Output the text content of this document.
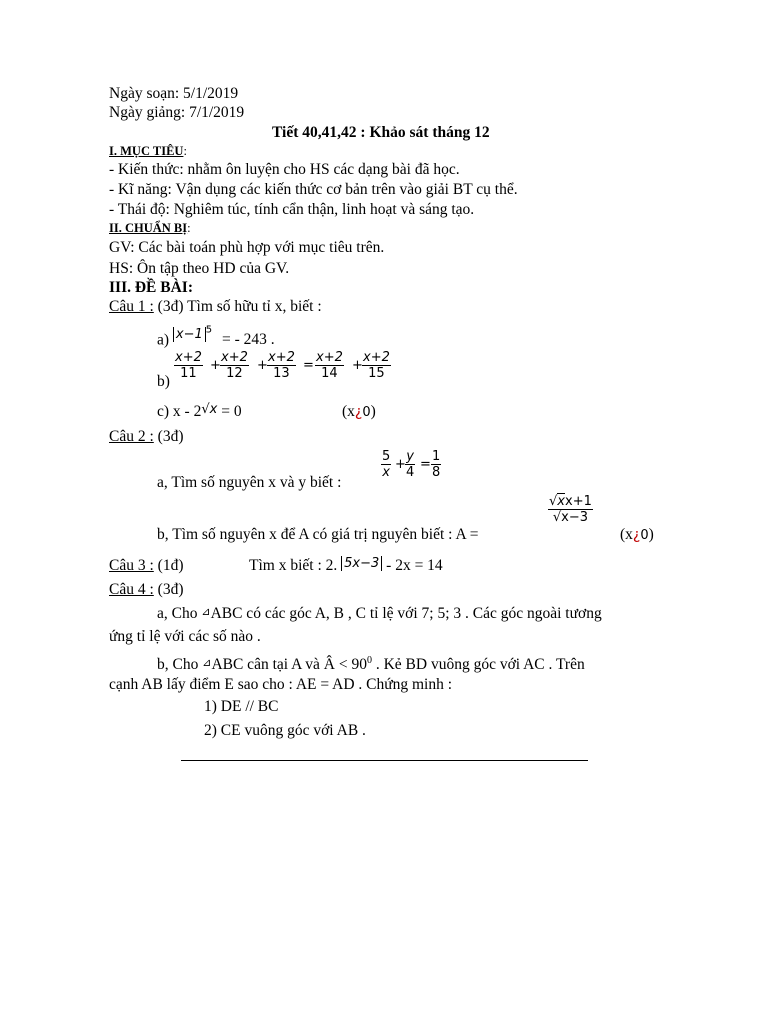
Ngày soạn: 5/1/2019
Ngày giảng: 7/1/2019
Tiết 40,41,42 : Khảo sát tháng 12
I. MỤC TIÊU:
- Kiến thức: nhằm ôn luyện cho HS các dạng bài đã học.
- Kĩ năng: Vận dụng các kiến thức cơ bản trên vào giải BT cụ thể.
- Thái độ: Nghiêm túc, tính cẩn thận, linh hoạt và sáng tạo.
II. CHUẨN BỊ:
GV: Các bài toán phù hợp với mục tiêu trên.
HS: Ôn tập theo HD của GV.
III. ĐỀ BÀI:
Câu 1 : (3đ) Tìm số hữu tỉ x, biết :
a) $^{x-1 ^5}$ = - 243 .
b)
$\frac{x+2}{11} + \frac{x+2}{12} + \frac{x+2}{13} = \frac{x+2}{14} + \frac{x+2}{15}$
c) x - 2√x = 0	(x¿0)
Câu 2 : (3đ)
a, Tìm số nguyên x và y biết :
$\frac{5}{x} + \frac{y}{4} = \frac{1}{8}$
b, Tìm số nguyên x để A có giá trị nguyên biết : A =
$\frac{√xx+1}{√x-3}$
(x¿0)
Câu 3 : (1đ)	Tìm x biết : 2. 5x−3 - 2x = 14
Câu 4 : (3đ)
a, Cho ⊿ABC có các góc A, B , C tỉ lệ với 7; 5; 3 . Các góc ngoài tương
ứng tỉ lệ với các số nào .
b, Cho ⊿ABC cân tại A và Â < $90^0$ . Kẻ BD vuông góc với AC . Trên
cạnh AB lấy điểm E sao cho : AE = AD . Chứng minh :
1) DE // BC
2) CE vuông góc với AB .
